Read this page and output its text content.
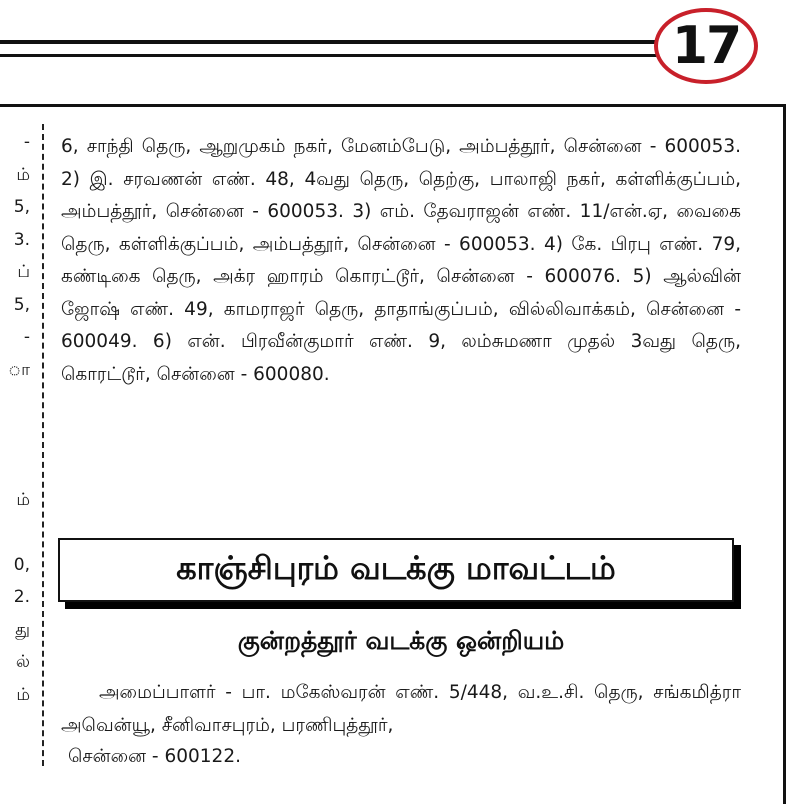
17
-
ம்
5,
3.
ப்
5,
-
ா
ம்
0,
2.
து
ல்
ம்

6, சாந்தி தெரு, ஆறுமுகம் நகர், மேனம்பேடு, அம்பத்தூர், சென்னை - 600053. 2) இ. சரவணன் எண். 48, 4வது தெரு, தெற்கு, பாலாஜி நகர், கள்ளிக்குப்பம், அம்பத்தூர், சென்னை - 600053. 3) எம். தேவராஜன் எண். 11/என்.ஏ, வைகை தெரு, கள்ளிக்குப்பம், அம்பத்தூர், சென்னை - 600053. 4) கே. பிரபு எண். 79, கண்டிகை தெரு, அக்ர ஹாரம் கொரட்டூர், சென்னை - 600076. 5) ஆல்வின் ஜோஷ் எண். 49, காமராஜர் தெரு, தாதாங்குப்பம், வில்லிவாக்கம், சென்னை - 600049. 6) என். பிரவீன்குமார் எண். 9, லம்சுமணா முதல் 3வது தெரு, கொரட்டூர், சென்னை - 600080.

காஞ்சிபுரம் வடக்கு மாவட்டம்
குன்றத்தூர் வடக்கு ஒன்றியம்

அமைப்பாளர் - பா. மகேஸ்வரன் எண். 5/448, வ.உ.சி. தெரு, சங்கமித்ரா அவென்யூ, சீனிவாசபுரம், பரணிபுத்தூர்,

சென்னை - 600122.
